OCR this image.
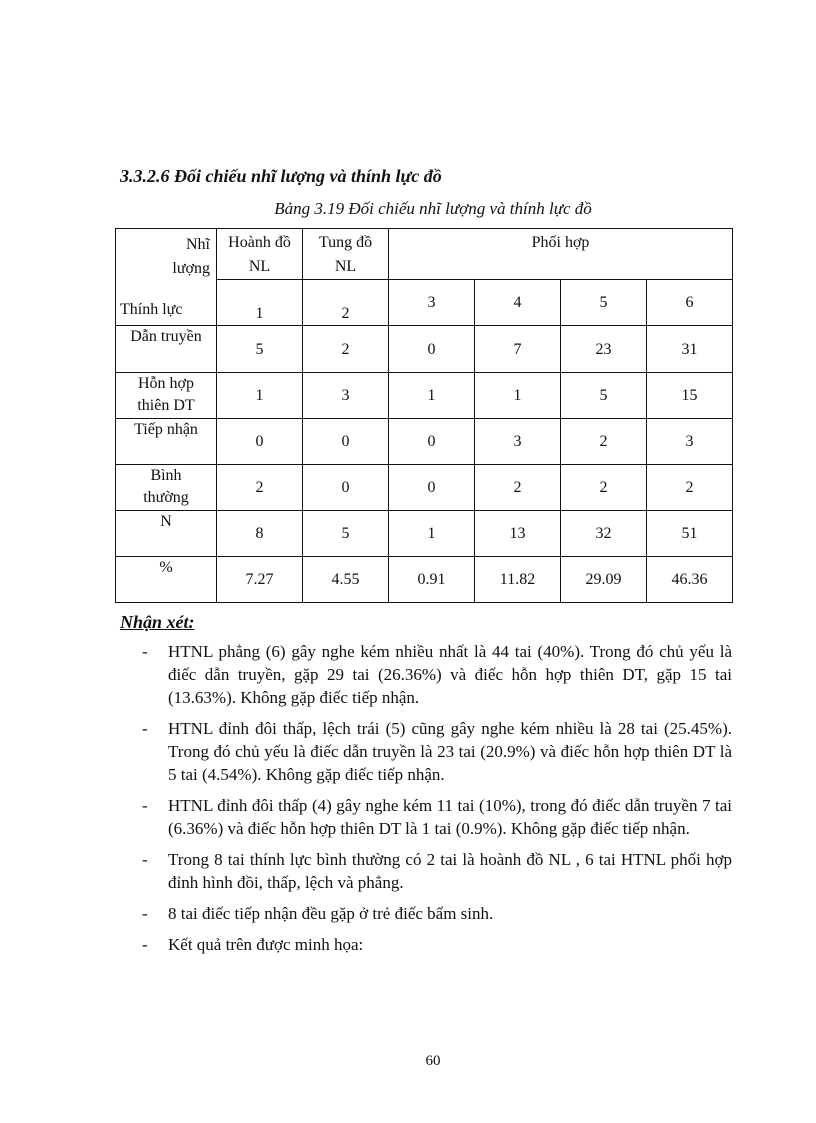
3.3.2.6 Đối chiếu nhĩ lượng và thính lực đồ
Bảng 3.19 Đối chiếu nhĩ lượng và thính lực đồ
Nhĩ lượng
Thính lực	Hoành đồ NL	Tung đồ NL	Phối hợp			
	1	2	3	4	5	6
Dẫn truyền	5	2	0	7	23	31
Hỗn hợp thiên DT	1	3	1	1	5	15
Tiếp nhận	0	0	0	3	2	3
Bình thường	2	0	0	2	2	2
N	8	5	1	13	32	51
%	7.27	4.55	0.91	11.82	29.09	46.36
Nhận xét:
- HTNL phẳng (6) gây nghe kém nhiều nhất là 44 tai (40%). Trong đó chủ yếu là điếc dẫn truyền, gặp 29 tai (26.36%) và điếc hỗn hợp thiên DT, gặp 15 tai (13.63%). Không gặp điếc tiếp nhận.
- HTNL đỉnh đôi thấp, lệch trái (5) cũng gây nghe kém nhiều là 28 tai (25.45%). Trong đó chủ yếu là điếc dẫn truyền là 23 tai (20.9%) và điếc hỗn hợp thiên DT là 5 tai (4.54%). Không gặp điếc tiếp nhận.
- HTNL đỉnh đôi thấp (4) gây nghe kém 11 tai (10%), trong đó điếc dẫn truyền 7 tai (6.36%) và điếc hỗn hợp thiên DT là 1 tai (0.9%). Không gặp điếc tiếp nhận.
- Trong 8 tai thính lực bình thường có 2 tai là hoành đồ NL , 6 tai HTNL phối hợp đỉnh hình đồi, thấp, lệch và phẳng.
- 8 tai điếc tiếp nhận đều gặp ở trẻ điếc bẩm sinh.
- Kết quả trên được minh họa:
60
